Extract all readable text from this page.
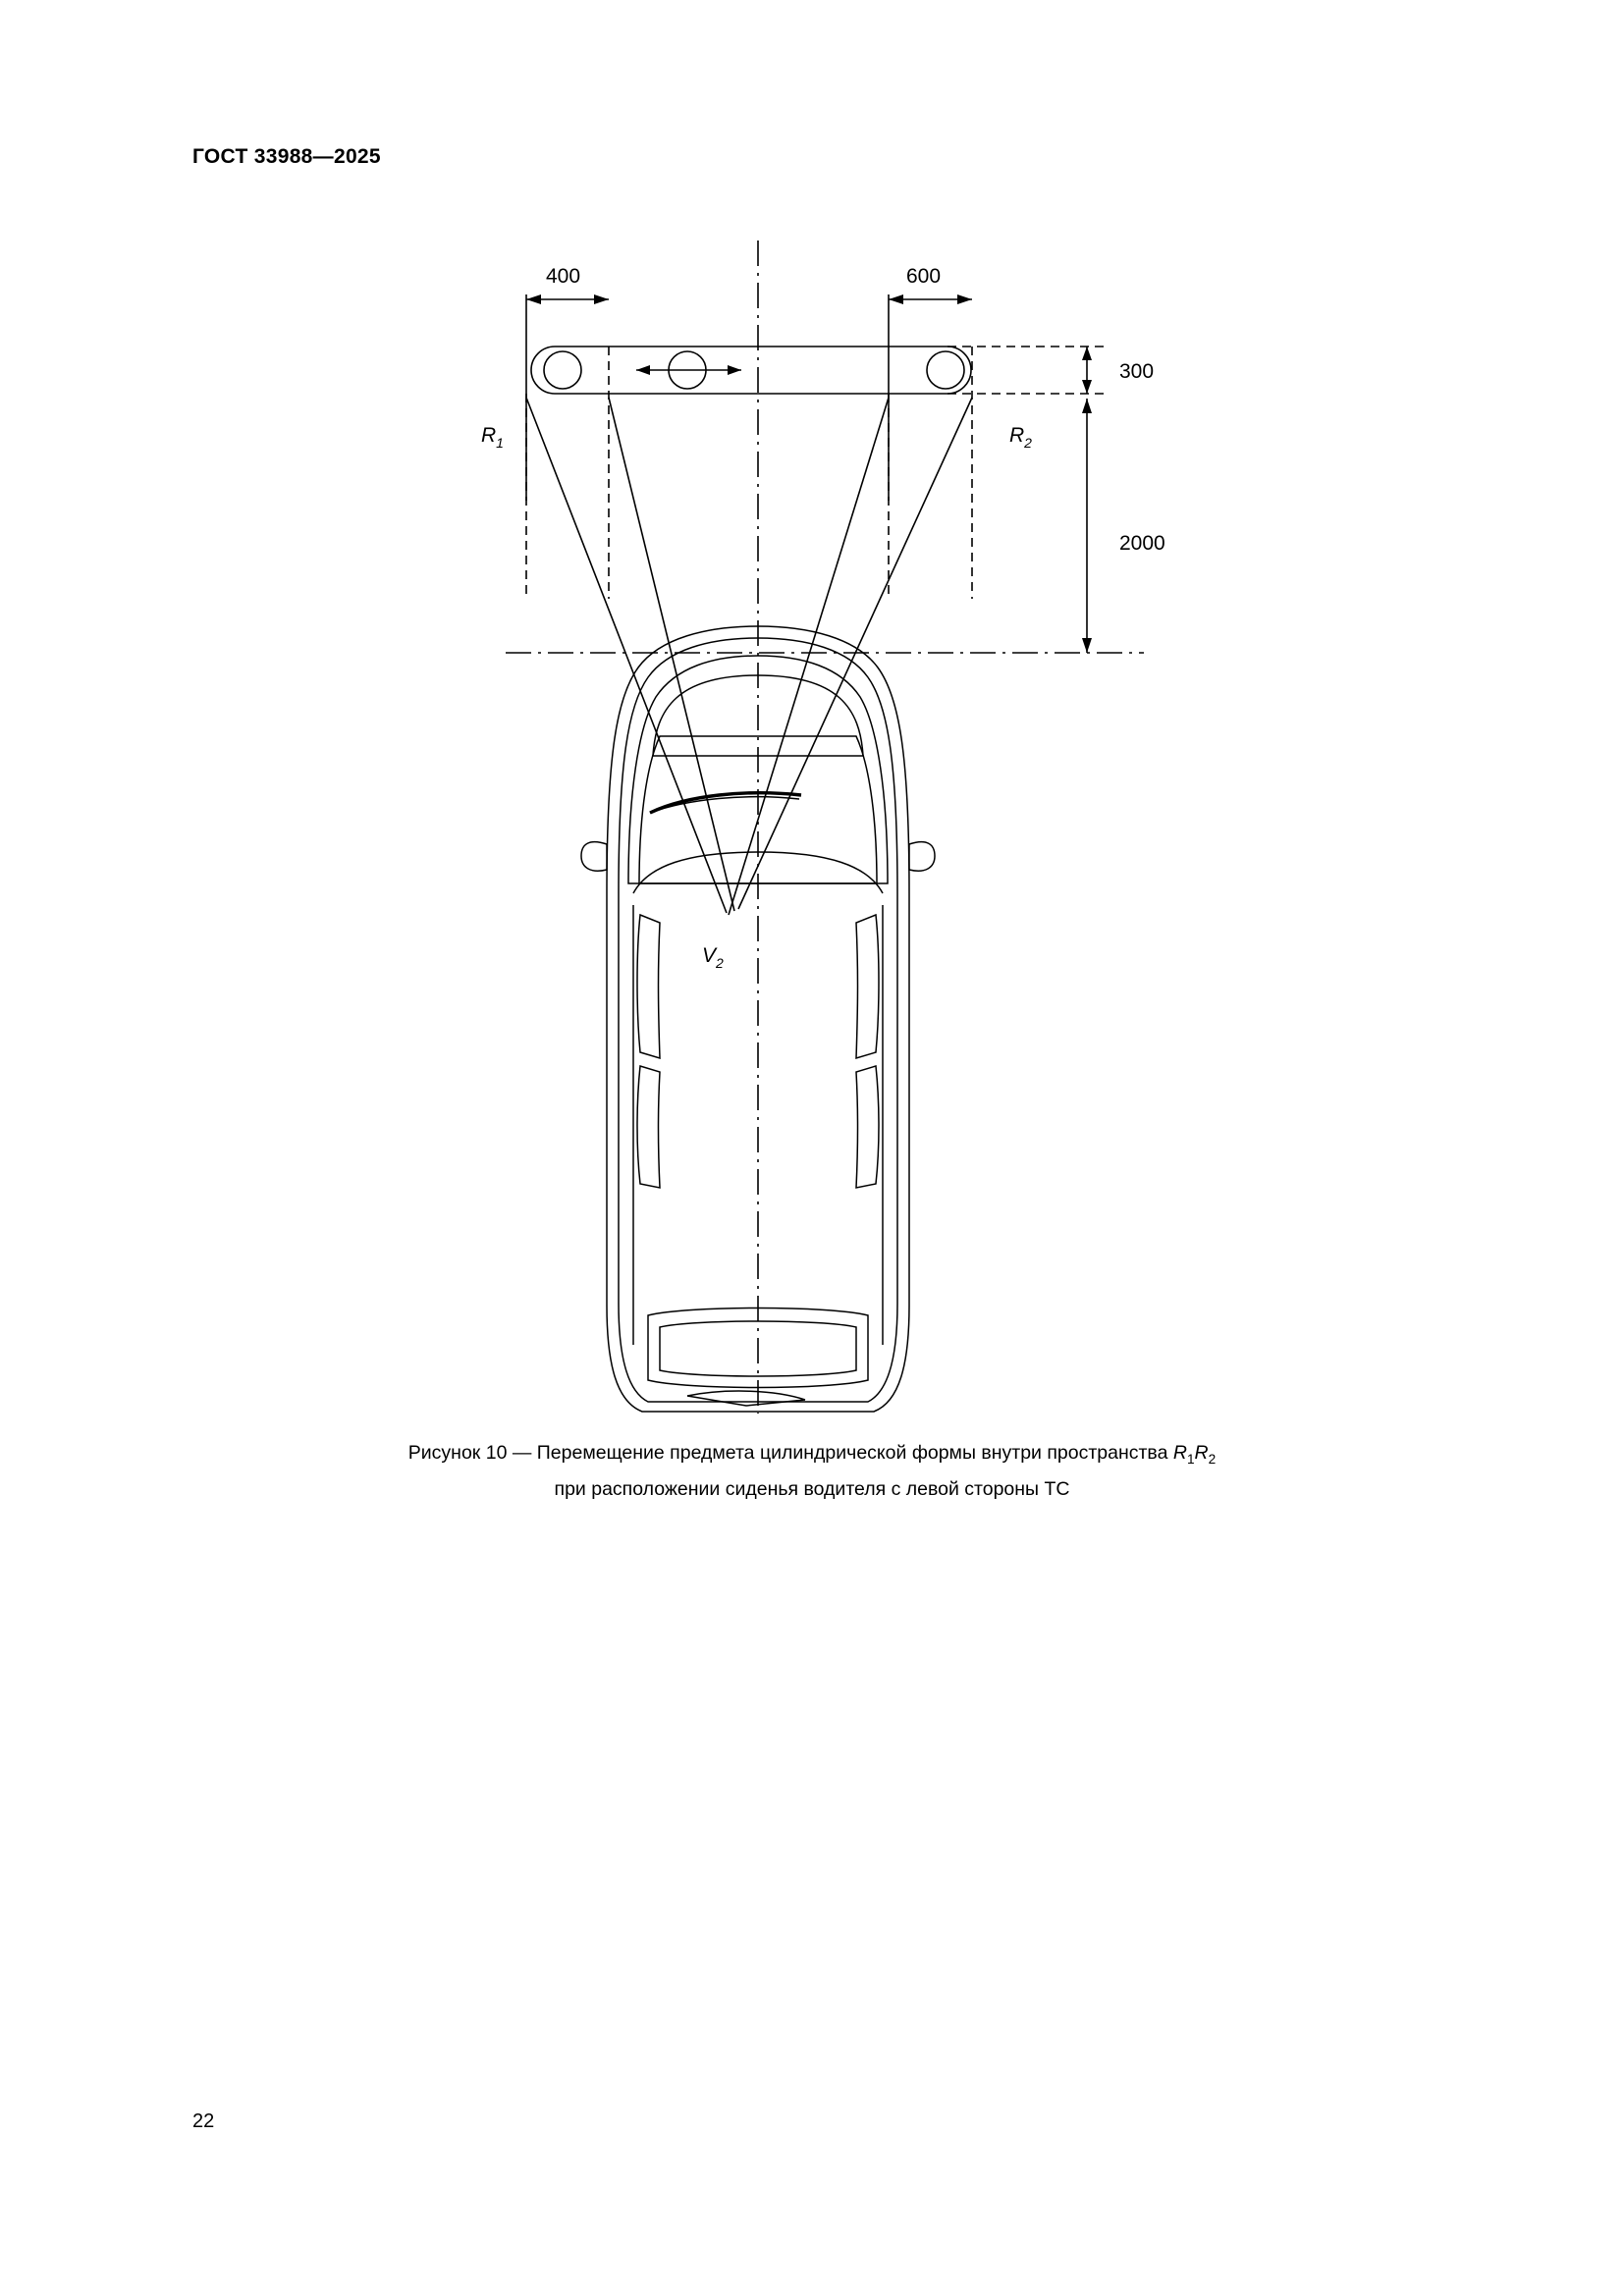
ГОСТ 33988—2025
400	600
300
2000
$R_1$	$R_2$
$V_2$
Рисунок 10 — Перемещение предмета цилиндрической формы внутри пространства $R_1R_2$
при расположении сиденья водителя с левой стороны ТС
22
